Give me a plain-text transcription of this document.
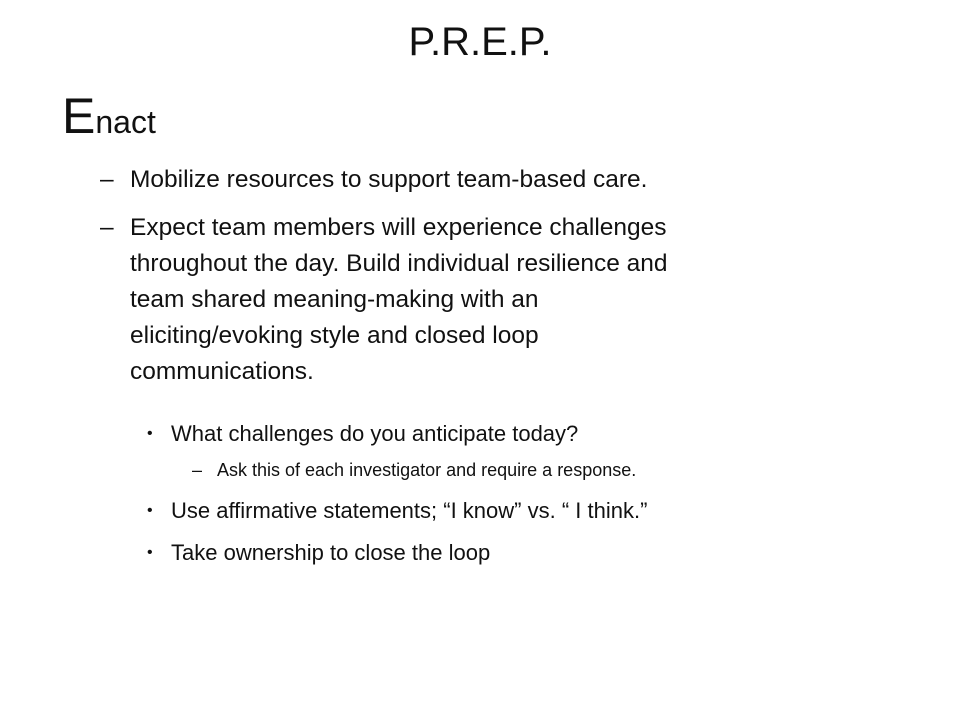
P.R.E.P.
Enact
– Mobilize resources to support team-based care.
– Expect team members will experience challenges
throughout the day. Build individual resilience and
team shared meaning-making with an
eliciting/evoking style and closed loop
communications.
• What challenges do you anticipate today?
– Ask this of each investigator and require a response.
• Use affirmative statements; “I know” vs. “ I think.”
• Take ownership to close the loop
